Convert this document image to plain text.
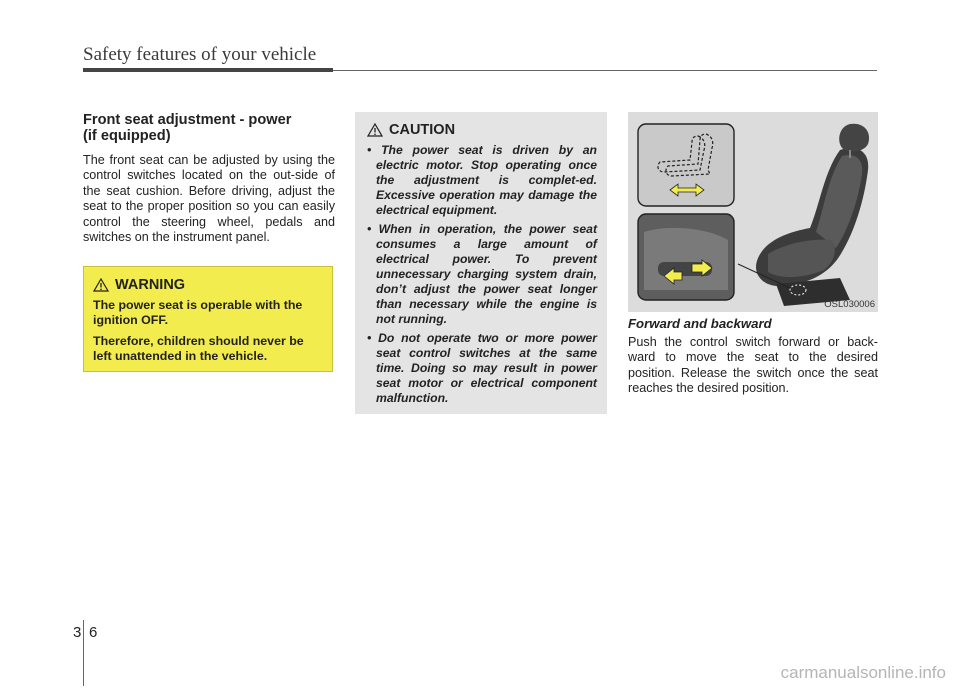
Safety features of your vehicle
Front seat adjustment - power
(if equipped)

The front seat can be adjusted by using the control switches located on the out-side of the seat cushion. Before driving, adjust the seat to the proper position so you can easily control the steering wheel, pedals and switches on the instrument panel.

WARNING

The power seat is operable with the ignition OFF.

Therefore, children should never be left unattended in the vehicle.

CAUTION
• The power seat is driven by an electric motor. Stop operating once the adjustment is complet-ed. Excessive operation may damage the electrical equipment.
• When in operation, the power seat consumes a large amount of electrical power. To prevent unnecessary charging system drain, don’t adjust the power seat longer than necessary while the engine is not running.
• Do not operate two or more power seat control switches at the same time. Doing so may result in power seat motor or electrical component malfunction.
OSL030006
Forward and backward

Push the control switch forward or back-ward to move the seat to the desired position. Release the switch once the seat reaches the desired position.

3 6
carmanualsonline.info
